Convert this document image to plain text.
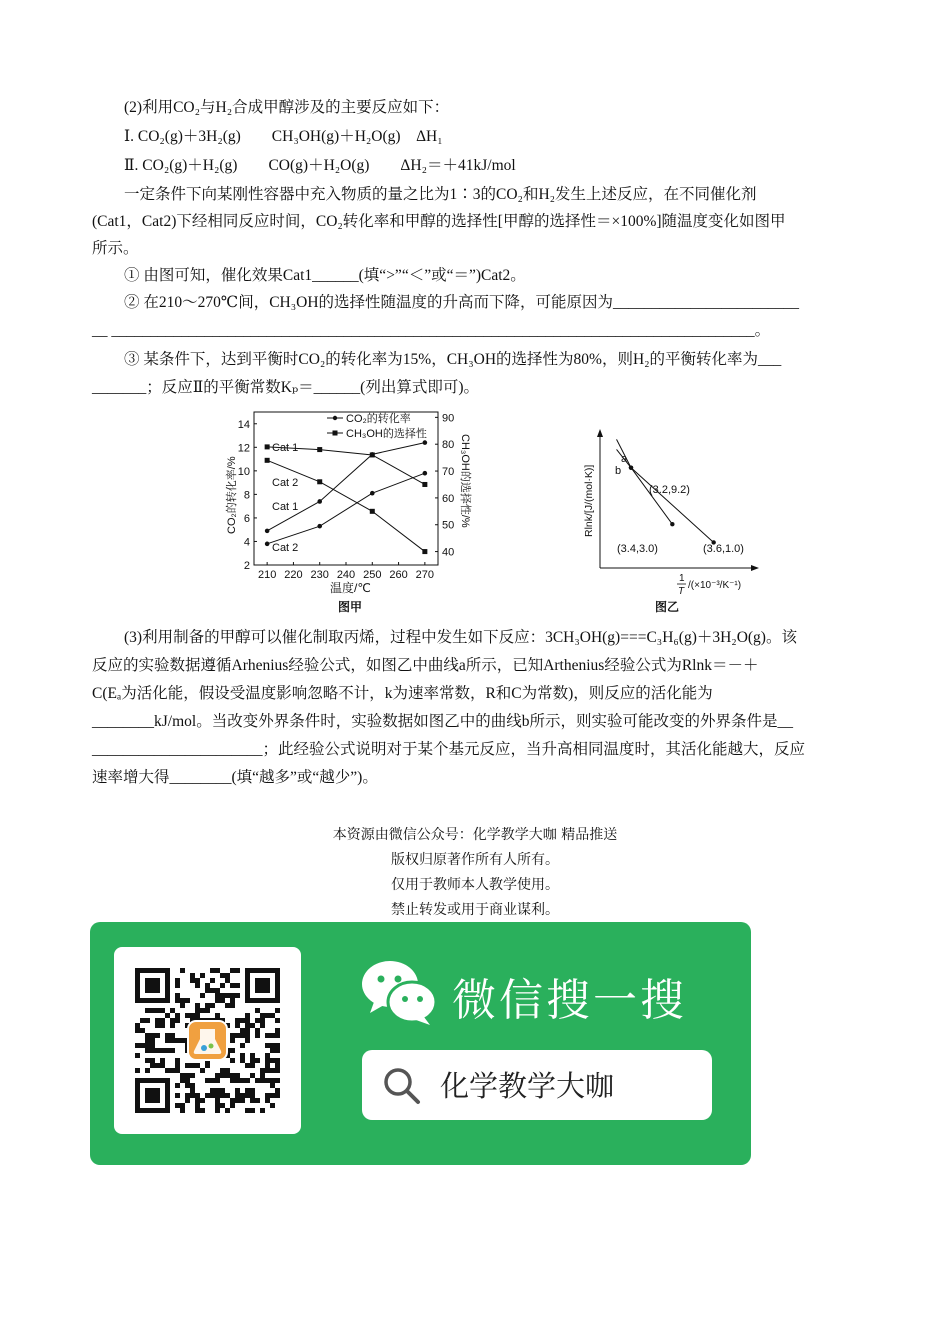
(2)利用CO₂与H₂合成甲醇涉及的主要反应如下：
Ⅰ. CO₂(g)＋3H₂(g)　　CH₃OH(g)＋H₂O(g)　ΔH₁
Ⅱ. CO₂(g)＋H₂(g)　　CO(g)＋H₂O(g)　　ΔH₂＝＋41kJ/mol
一定条件下向某刚性容器中充入物质的量之比为1∶3的CO₂和H₂发生上述反应，在不同催化剂
(Cat1，Cat2)下经相同反应时间，CO₂转化率和甲醇的选择性[甲醇的选择性＝×100%]随温度变化如图甲
所示。
① 由图可知，催化效果Cat1______(填“>”“＜”或“＝”)Cat2。
② 在210～270℃间，CH₃OH的选择性随温度的升高而下降，可能原因为________________________
__ ___________________________________________________________________________________。
③ 某条件下，达到平衡时CO₂的转化率为15%，CH₃OH的选择性为80%，则H₂的平衡转化率为___
_______；反应Ⅱ的平衡常数Kₚ＝______(列出算式即可)。
210 220 230 240 250 260 270
2
4
6
8
10
12
14
40
50
60
70
80
90
CO₂的转化率
CH₃OH的选择性
Cat 1
Cat 2
Cat 1
Cat 2
温度/℃
CO₂的转化率/%	CH₃OH的选择性/%
图甲
a
b
(3.2,9.2)
(3.4,3.0)	(3.6,1.0)
Rlnk/[J/(mol·K)]
1
T
/(×10⁻³/K⁻¹)
图乙
(3)利用制备的甲醇可以催化制取丙烯，过程中发生如下反应：3CH₃OH(g)===C₃H₆(g)＋3H₂O(g)。该
反应的实验数据遵循Arhenius经验公式，如图乙中曲线a所示，已知Arthenius经验公式为Rlnk＝－＋
C(Eₐ为活化能，假设受温度影响忽略不计，k为速率常数，R和C为常数)，则反应的活化能为
________kJ/mol。当改变外界条件时，实验数据如图乙中的曲线b所示，则实验可能改变的外界条件是__
______________________；此经验公式说明对于某个基元反应，当升高相同温度时，其活化能越大，反应
速率增大得________(填“越多”或“越少”)。
本资源由微信公众号：化学教学大咖 精品推送
版权归原著作所有人所有。
仅用于教师本人教学使用。
禁止转发或用于商业谋利。
微信搜一搜
化学教学大咖
